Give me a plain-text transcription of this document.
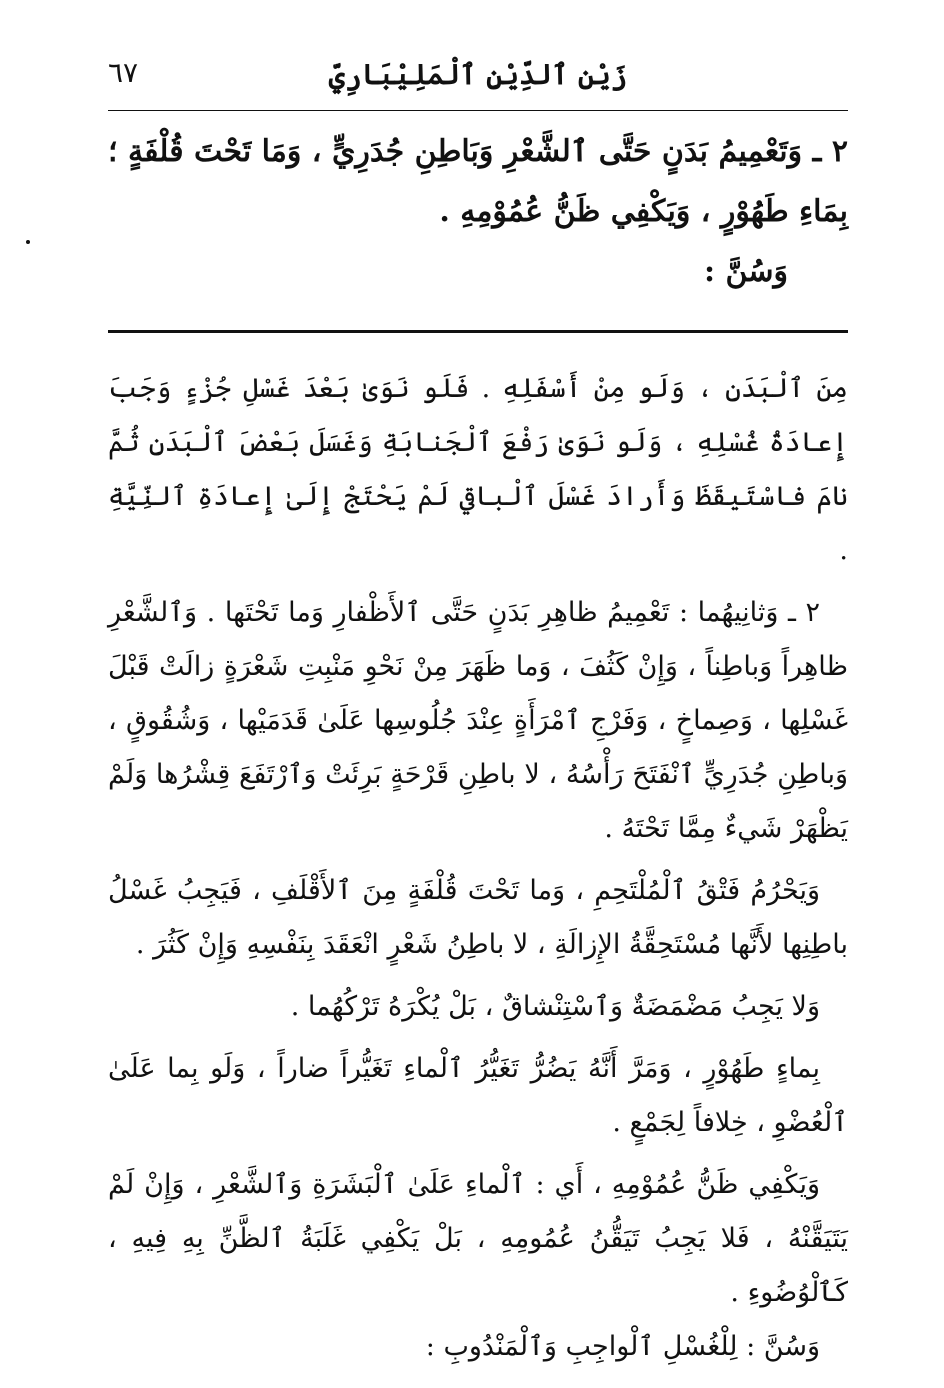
زَيْن ٱلدِّيْنِ ٱلْمَلِيْبَارِيّ
٦٧

٢ ـ وَتَعْمِيمُ بَدَنٍ حَتَّى ٱلشَّعْرِ وَبَاطِنِ جُدَرِيٍّ ، وَمَا تَحْتَ قُلْفَةٍ ؛ بِمَاءِ طَهُوْرٍ ، وَيَكْفِي ظَنُّ عُمُوْمِهِ .

وَسُنَّ :

مِنَ ٱلْبَدَنِ ، وَلَو مِنْ أَسْفَلِهِ . فَلَو نَوَىٰ بَعْدَ غَسْلِ جُزْءٍ وَجَبَ إِعادَةُ غُسْلِهِ ، وَلَو نَوَىٰ رَفْعَ ٱلْجَنابَةِ وَغَسَلَ بَعْضَ ٱلْبَدَنِ ثُمَّ نامَ فاسْتَيقَظَ وَأَرادَ غَسْلَ ٱلْباقي لَمْ يَحْتَجْ إِلَىٰ إِعادَةِ ٱلنِّيَّةِ .

٢ ـ وَثانِيهُما : تَعْمِيمُ ظاهِرِ بَدَنٍ حَتَّى ٱلأَظْفارِ وَما تَحْتَها . وَٱلشَّعْرِ ظاهِراً وَباطِناً ، وَإِنْ كَثُفَ ، وَما ظَهَرَ مِنْ نَحْوِ مَنْبِتِ شَعْرَةٍ زالَتْ قَبْلَ غَسْلِها ، وَصِماخٍ ، وَفَرْجِ ٱمْرَأَةٍ عِنْدَ جُلُوسِها عَلَىٰ قَدَمَيْها ، وَشُقُوقٍ ، وَباطِنِ جُدَرِيٍّ ٱنْفَتَحَ رَأْسُهُ ، لا باطِنِ قَرْحَةٍ بَرِئَتْ وَٱرْتَفَعَ قِشْرُها وَلَمْ يَظْهَرْ شَيءٌ مِمَّا تَحْتَهُ .

وَيَحْرُمُ فَتْقُ ٱلْمُلْتَحِمِ ، وَما تَحْتَ قُلْفَةٍ مِنَ ٱلأَقْلَفِ ، فَيَجِبُ غَسْلُ باطِنِها لأَنَّها مُسْتَحِقَّةُ الإِزالَةِ ، لا باطِنُ شَعْرٍ انْعَقَدَ بِنَفْسِهِ وَإِنْ كَثُرَ .

وَلا يَجِبُ مَضْمَضَةٌ وَٱسْتِنْشاقٌ ، بَلْ يُكْرَهُ تَرْكُهُما .

بِماءٍ طَهُوْرٍ ، وَمَرَّ أَنَّهُ يَضُرُّ تَغَيُّرُ ٱلْماءِ تَغَيُّراً ضاراً ، وَلَو بِما عَلَىٰ ٱلْعُضْوِ ، خِلافاً لِجَمْعٍ .

وَيَكْفِي ظَنُّ عُمُوْمِهِ ، أَي : ٱلْماءِ عَلَىٰ ٱلْبَشَرَةِ وَٱلشَّعْرِ ، وَإِنْ لَمْ يَتَيَقَّنْهُ ، فَلا يَجِبُ تَيَقُّنُ عُمُومِهِ ، بَلْ يَكْفِي غَلَبَةُ ٱلظَّنِّ بِهِ فِيهِ ، كَٱلْوُضُوءِ .

وَسُنَّ : لِلْغُسْلِ ٱلْواجِبِ وَٱلْمَنْدُوبِ :
